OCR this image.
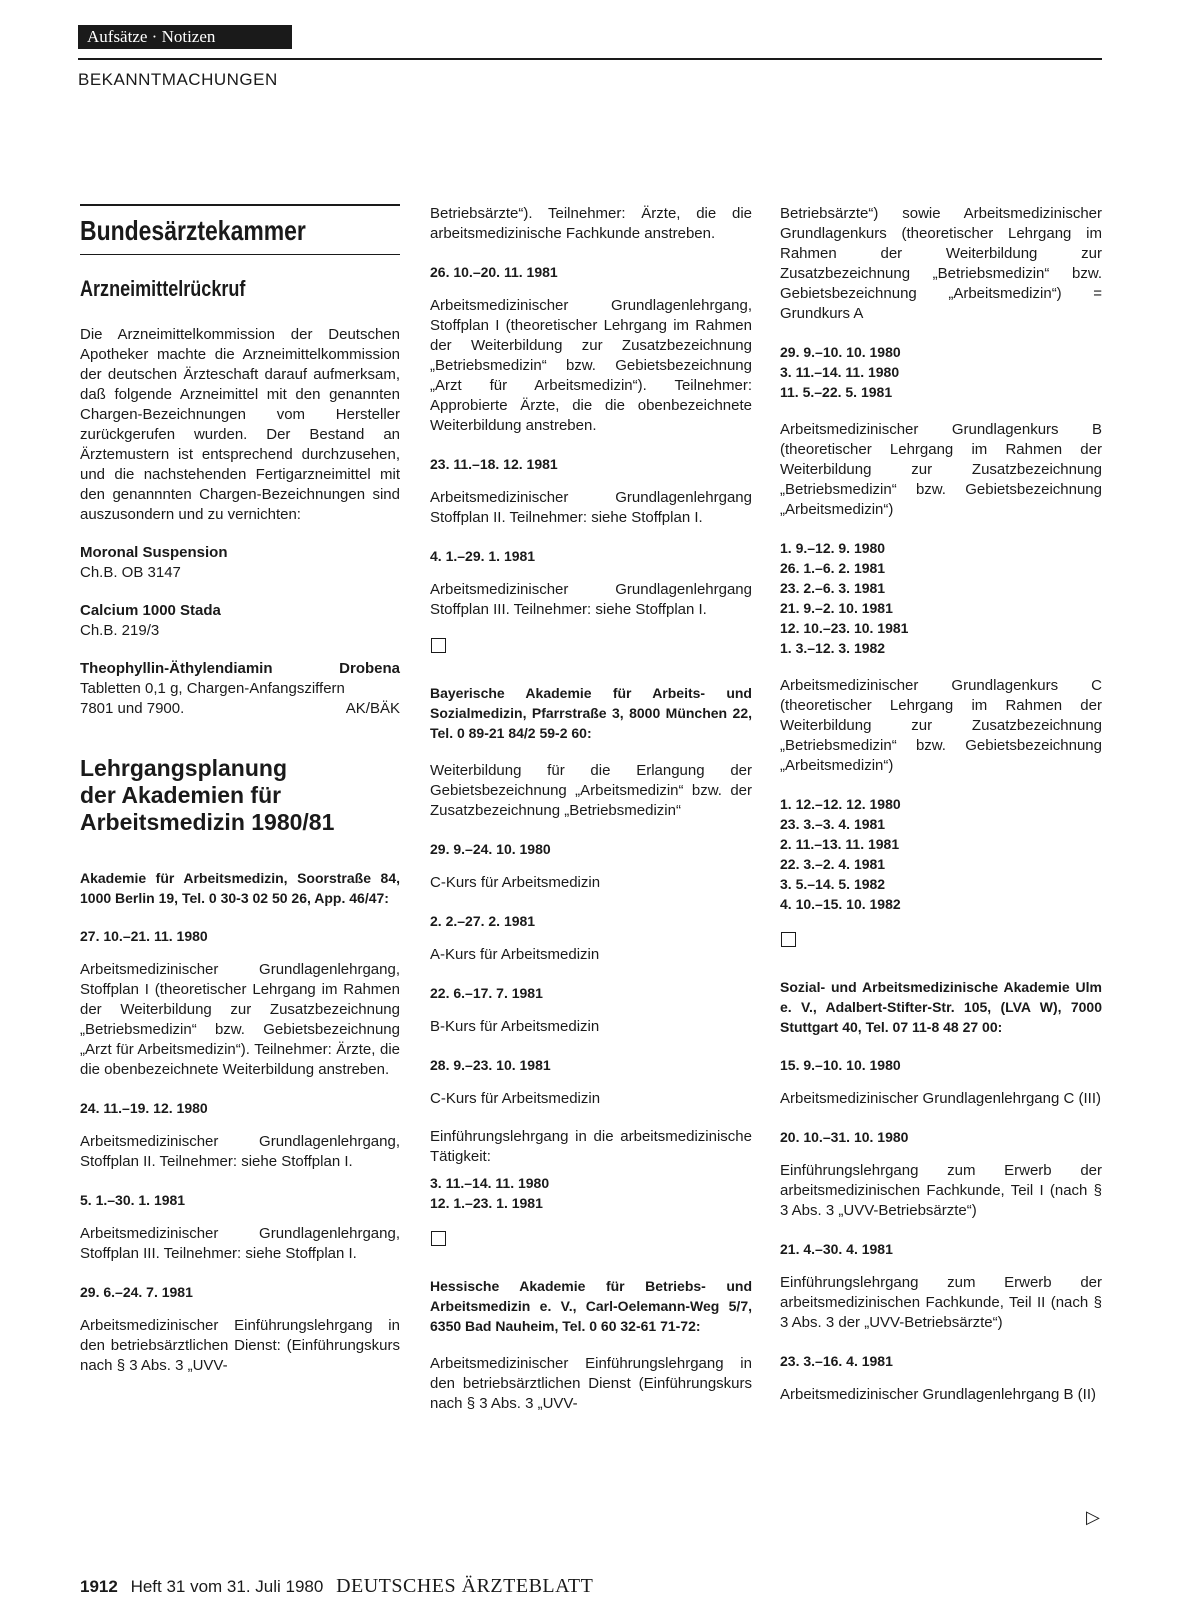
Aufsätze · Notizen
BEKANNTMACHUNGEN
Bundesärztekammer
Arzneimittelrückruf

Die Arzneimittelkommission der Deutschen Apotheker machte die Arzneimittelkommission der deutschen Ärzteschaft darauf aufmerksam, daß folgende Arzneimittel mit den genannten Chargen-Bezeichnungen vom Hersteller zurückgerufen wurden. Der Bestand an Ärztemustern ist entsprechend durchzusehen, und die nachstehenden Fertigarzneimittel mit den genannnten Chargen-Bezeichnungen sind auszusondern und zu vernichten:

Moronal Suspension
Ch.B. OB 3147
Calcium 1000 Stada
Ch.B. 219/3
Theophyllin-Äthylendiamin Drobena Tabletten 0,1 g, Chargen-Anfangsziffern
7801 und 7900.	AK/BÄK
Lehrgangsplanung
der Akademien für
Arbeitsmedizin 1980/81
Akademie für Arbeitsmedizin, Soorstraße 84, 1000 Berlin 19, Tel. 0 30-3 02 50 26, App. 46/47:
27. 10.–21. 11. 1980

Arbeitsmedizinischer Grundlagenlehrgang, Stoffplan I (theoretischer Lehrgang im Rahmen der Weiterbildung zur Zusatzbezeichnung „Betriebsmedizin“ bzw. Gebietsbezeichnung „Arzt für Arbeitsmedizin“). Teilnehmer: Ärzte, die die obenbezeichnete Weiterbildung anstreben.

24. 11.–19. 12. 1980

Arbeitsmedizinischer Grundlagenlehrgang, Stoffplan II. Teilnehmer: siehe Stoffplan I.

5. 1.–30. 1. 1981

Arbeitsmedizinischer Grundlagenlehrgang, Stoffplan III. Teilnehmer: siehe Stoffplan I.

29. 6.–24. 7. 1981

Arbeitsmedizinischer Einführungslehrgang in den betriebsärztlichen Dienst: (Einführungskurs nach § 3 Abs. 3 „UVV-

Betriebsärzte“). Teilnehmer: Ärzte, die die arbeitsmedizinische Fachkunde anstreben.

26. 10.–20. 11. 1981

Arbeitsmedizinischer Grundlagenlehrgang, Stoffplan I (theoretischer Lehrgang im Rahmen der Weiterbildung zur Zusatzbezeichnung „Betriebsmedizin“ bzw. Gebietsbezeichnung „Arzt für Arbeitsmedizin“). Teilnehmer: Approbierte Ärzte, die die obenbezeichnete Weiterbildung anstreben.

23. 11.–18. 12. 1981

Arbeitsmedizinischer Grundlagenlehrgang Stoffplan II. Teilnehmer: siehe Stoffplan I.

4. 1.–29. 1. 1981

Arbeitsmedizinischer Grundlagenlehrgang Stoffplan III. Teilnehmer: siehe Stoffplan I.

Bayerische Akademie für Arbeits- und Sozialmedizin, Pfarrstraße 3, 8000 München 22, Tel. 0 89-21 84/2 59-2 60:

Weiterbildung für die Erlangung der Gebietsbezeichnung „Arbeitsmedizin“ bzw. der Zusatzbezeichnung „Betriebsmedizin“

29. 9.–24. 10. 1980

C-Kurs für Arbeitsmedizin

2. 2.–27. 2. 1981

A-Kurs für Arbeitsmedizin

22. 6.–17. 7. 1981

B-Kurs für Arbeitsmedizin

28. 9.–23. 10. 1981

C-Kurs für Arbeitsmedizin

Einführungslehrgang in die arbeitsmedizinische Tätigkeit:

3. 11.–14. 11. 1980
12. 1.–23. 1. 1981
Hessische Akademie für Betriebs- und Arbeitsmedizin e. V., Carl-Oelemann-Weg 5/7, 6350 Bad Nauheim, Tel. 0 60 32-61 71-72:

Arbeitsmedizinischer Einführungslehrgang in den betriebsärztlichen Dienst (Einführungskurs nach § 3 Abs. 3 „UVV-

Betriebsärzte“) sowie Arbeitsmedizinischer Grundlagenkurs (theoretischer Lehrgang im Rahmen der Weiterbildung zur Zusatzbezeichnung „Betriebsmedizin“ bzw. Gebietsbezeichnung „Arbeitsmedizin“) = Grundkurs A

29. 9.–10. 10. 1980
3. 11.–14. 11. 1980
11. 5.–22. 5. 1981

Arbeitsmedizinischer Grundlagenkurs B (theoretischer Lehrgang im Rahmen der Weiterbildung zur Zusatzbezeichnung „Betriebsmedizin“ bzw. Gebietsbezeichnung „Arbeitsmedizin“)

1. 9.–12. 9. 1980
26. 1.–6. 2. 1981
23. 2.–6. 3. 1981
21. 9.–2. 10. 1981
12. 10.–23. 10. 1981
1. 3.–12. 3. 1982

Arbeitsmedizinischer Grundlagenkurs C (theoretischer Lehrgang im Rahmen der Weiterbildung zur Zusatzbezeichnung „Betriebsmedizin“ bzw. Gebietsbezeichnung „Arbeitsmedizin“)

1. 12.–12. 12. 1980
23. 3.–3. 4. 1981
2. 11.–13. 11. 1981
22. 3.–2. 4. 1981
3. 5.–14. 5. 1982
4. 10.–15. 10. 1982
Sozial- und Arbeitsmedizinische Akademie Ulm e. V., Adalbert-Stifter-Str. 105, (LVA W), 7000 Stuttgart 40, Tel. 07 11-8 48 27 00:
15. 9.–10. 10. 1980

Arbeitsmedizinischer Grundlagenlehrgang C (III)

20. 10.–31. 10. 1980

Einführungslehrgang zum Erwerb der arbeitsmedizinischen Fachkunde, Teil I (nach § 3 Abs. 3 „UVV-Betriebsärzte“)

21. 4.–30. 4. 1981

Einführungslehrgang zum Erwerb der arbeitsmedizinischen Fachkunde, Teil II (nach § 3 Abs. 3 der „UVV-Betriebsärzte“)

23. 3.–16. 4. 1981

Arbeitsmedizinischer Grundlagenlehrgang B (II)

▷
1912 Heft 31 vom 31. Juli 1980 DEUTSCHES ÄRZTEBLATT
